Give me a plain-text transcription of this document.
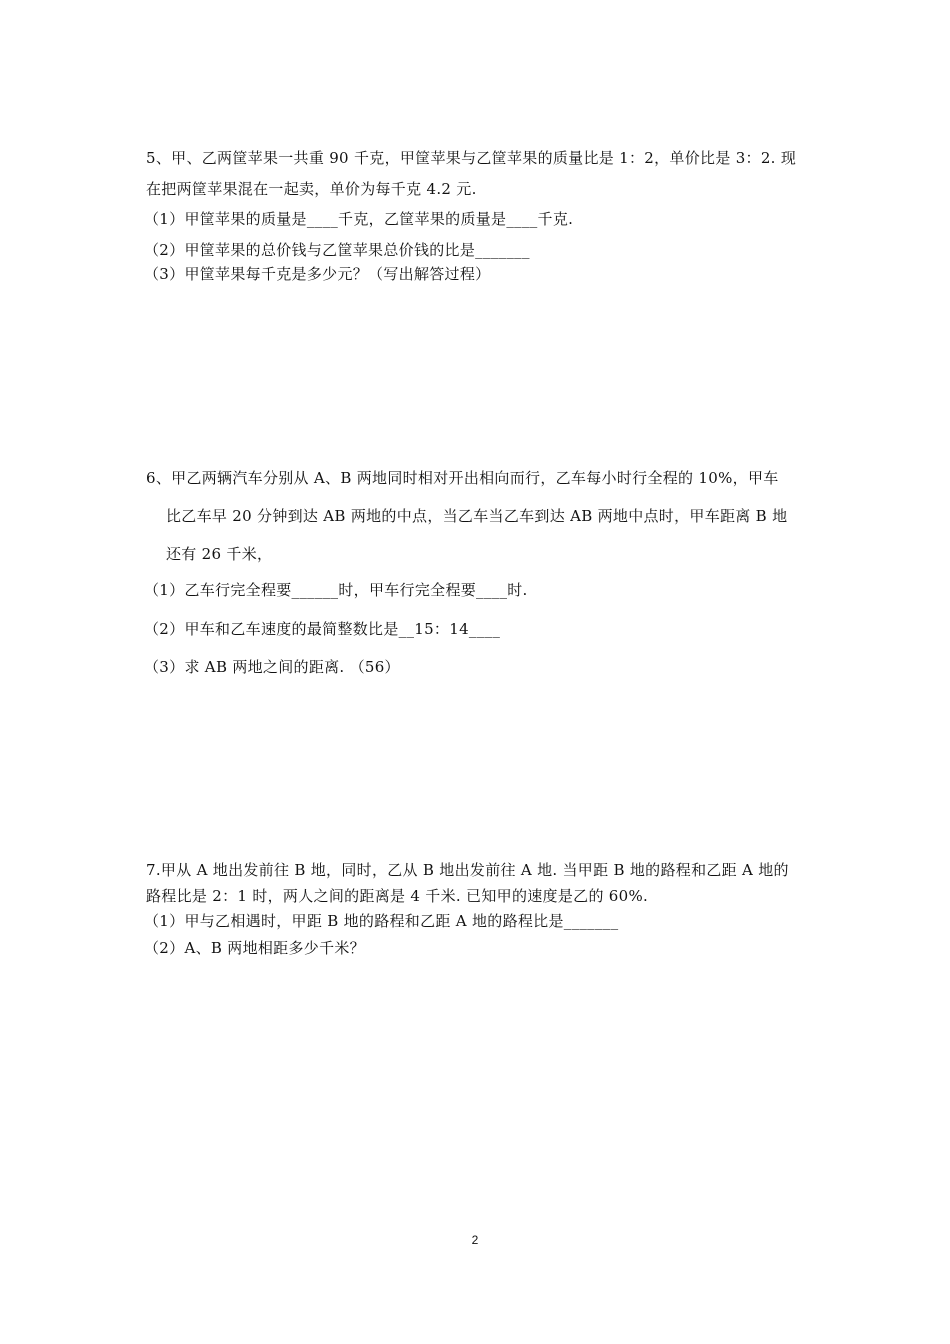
5、甲、乙两筐苹果一共重 90 千克，甲筐苹果与乙筐苹果的质量比是 1：2，单价比是 3：2. 现
在把两筐苹果混在一起卖，单价为每千克 4.2 元.
（1）甲筐苹果的质量是____千克，乙筐苹果的质量是____千克.
（2）甲筐苹果的总价钱与乙筐苹果总价钱的比是_______
（3）甲筐苹果每千克是多少元？（写出解答过程）
6、甲乙两辆汽车分别从 A、B 两地同时相对开出相向而行，乙车每小时行全程的 10%，甲车
比乙车早 20 分钟到达 AB 两地的中点，当乙车当乙车到达 AB 两地中点时，甲车距离 B 地
还有 26 千米，
（1）乙车行完全程要______时，甲车行完全程要____时.
（2）甲车和乙车速度的最简整数比是__15：14____
（3）求 AB 两地之间的距离. （56）
7.甲从 A 地出发前往 B 地，同时，乙从 B 地出发前往 A 地. 当甲距 B 地的路程和乙距 A 地的
路程比是 2：1 时，两人之间的距离是 4 千米. 已知甲的速度是乙的 60%.
（1）甲与乙相遇时，甲距 B 地的路程和乙距 A 地的路程比是_______
（2）A、B 两地相距多少千米？
2
